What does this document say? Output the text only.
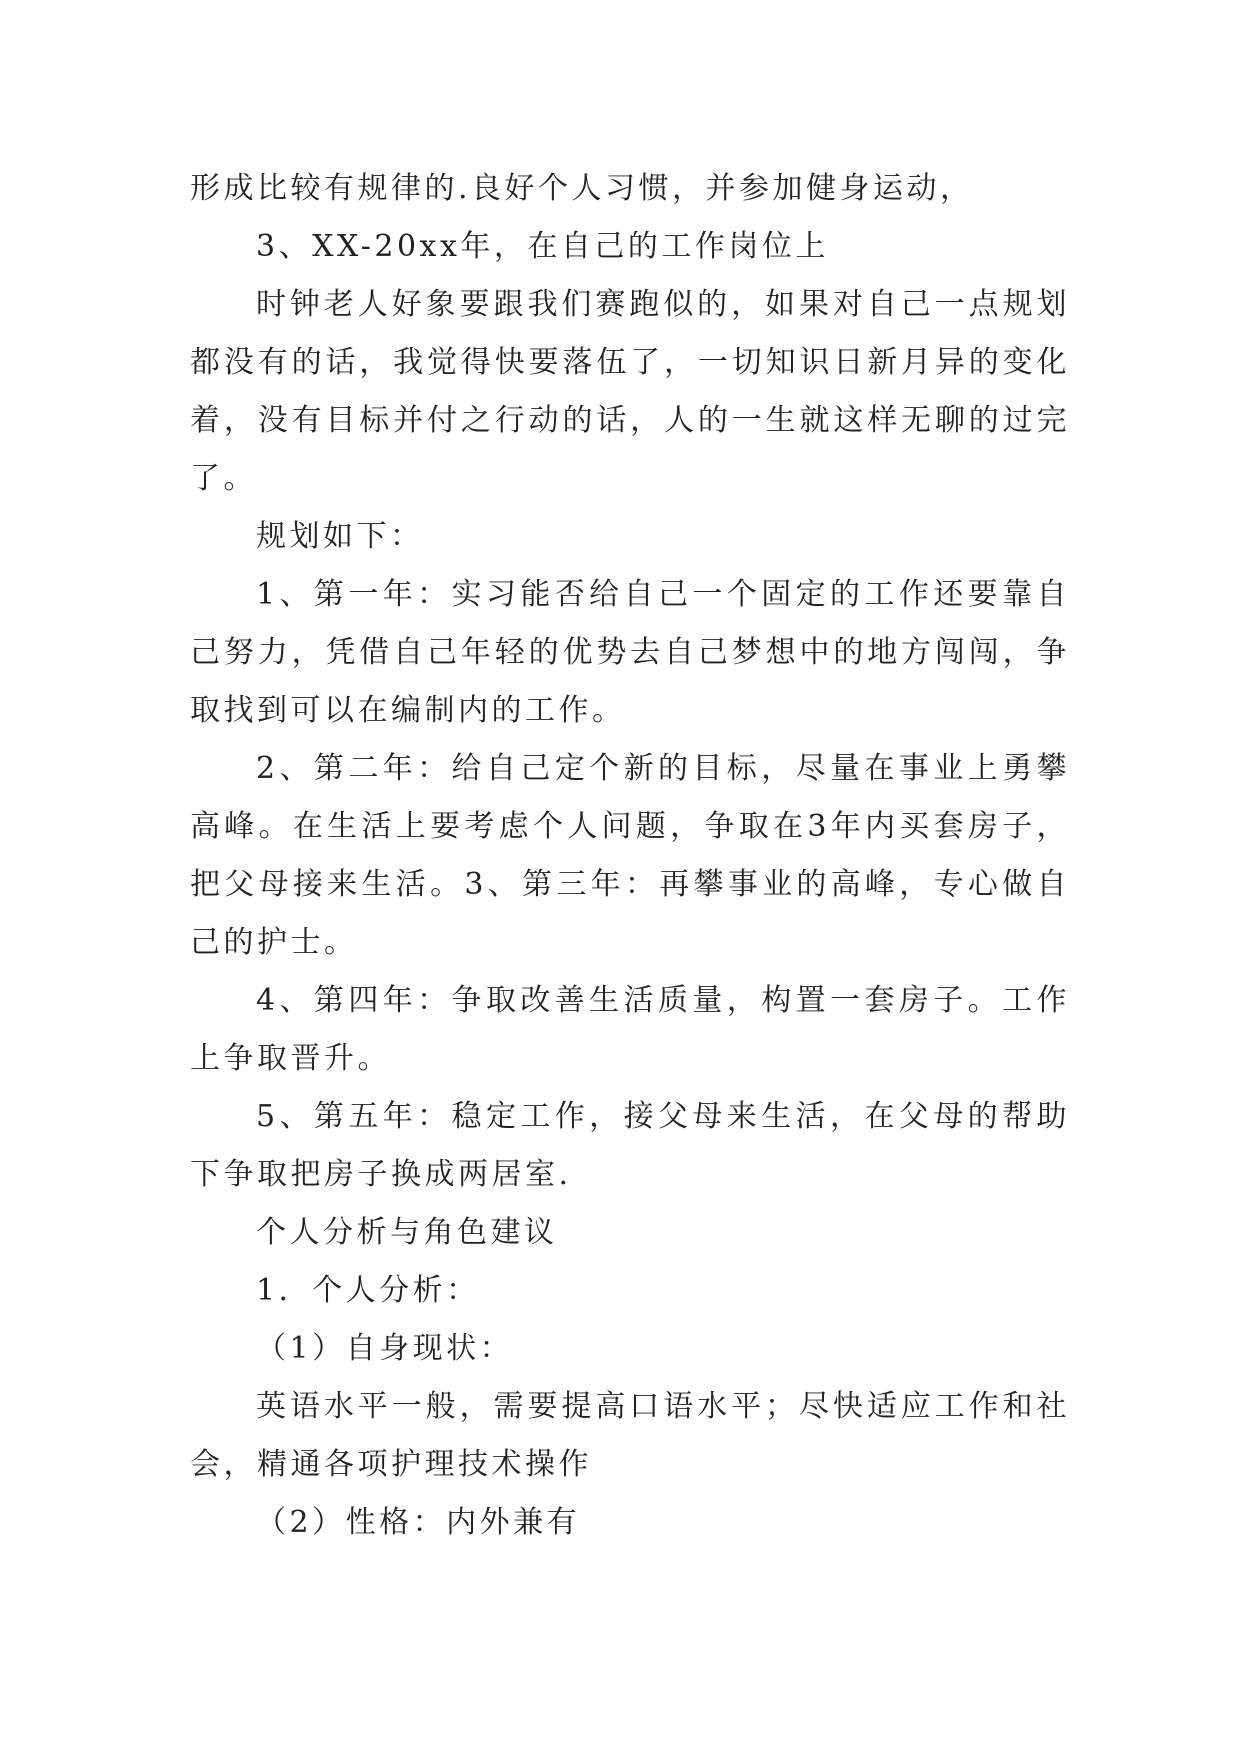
形成比较有规律的.良好个人习惯，并参加健身运动，

3、XX-20xx年，在自己的工作岗位上

时钟老人好象要跟我们赛跑似的，如果对自己一点规划都没有的话，我觉得快要落伍了，一切知识日新月异的变化着，没有目标并付之行动的话，人的一生就这样无聊的过完了。

规划如下：

1、第一年：实习能否给自己一个固定的工作还要靠自己努力，凭借自己年轻的优势去自己梦想中的地方闯闯，争取找到可以在编制内的工作。

2、第二年：给自己定个新的目标，尽量在事业上勇攀高峰。在生活上要考虑个人问题，争取在3年内买套房子，把父母接来生活。3、第三年：再攀事业的高峰，专心做自己的护士。

4、第四年：争取改善生活质量，构置一套房子。工作上争取晋升。

5、第五年：稳定工作，接父母来生活，在父母的帮助下争取把房子换成两居室.

个人分析与角色建议

1．个人分析：

（1）自身现状：

英语水平一般，需要提高口语水平；尽快适应工作和社会，精通各项护理技术操作

（2）性格：内外兼有
